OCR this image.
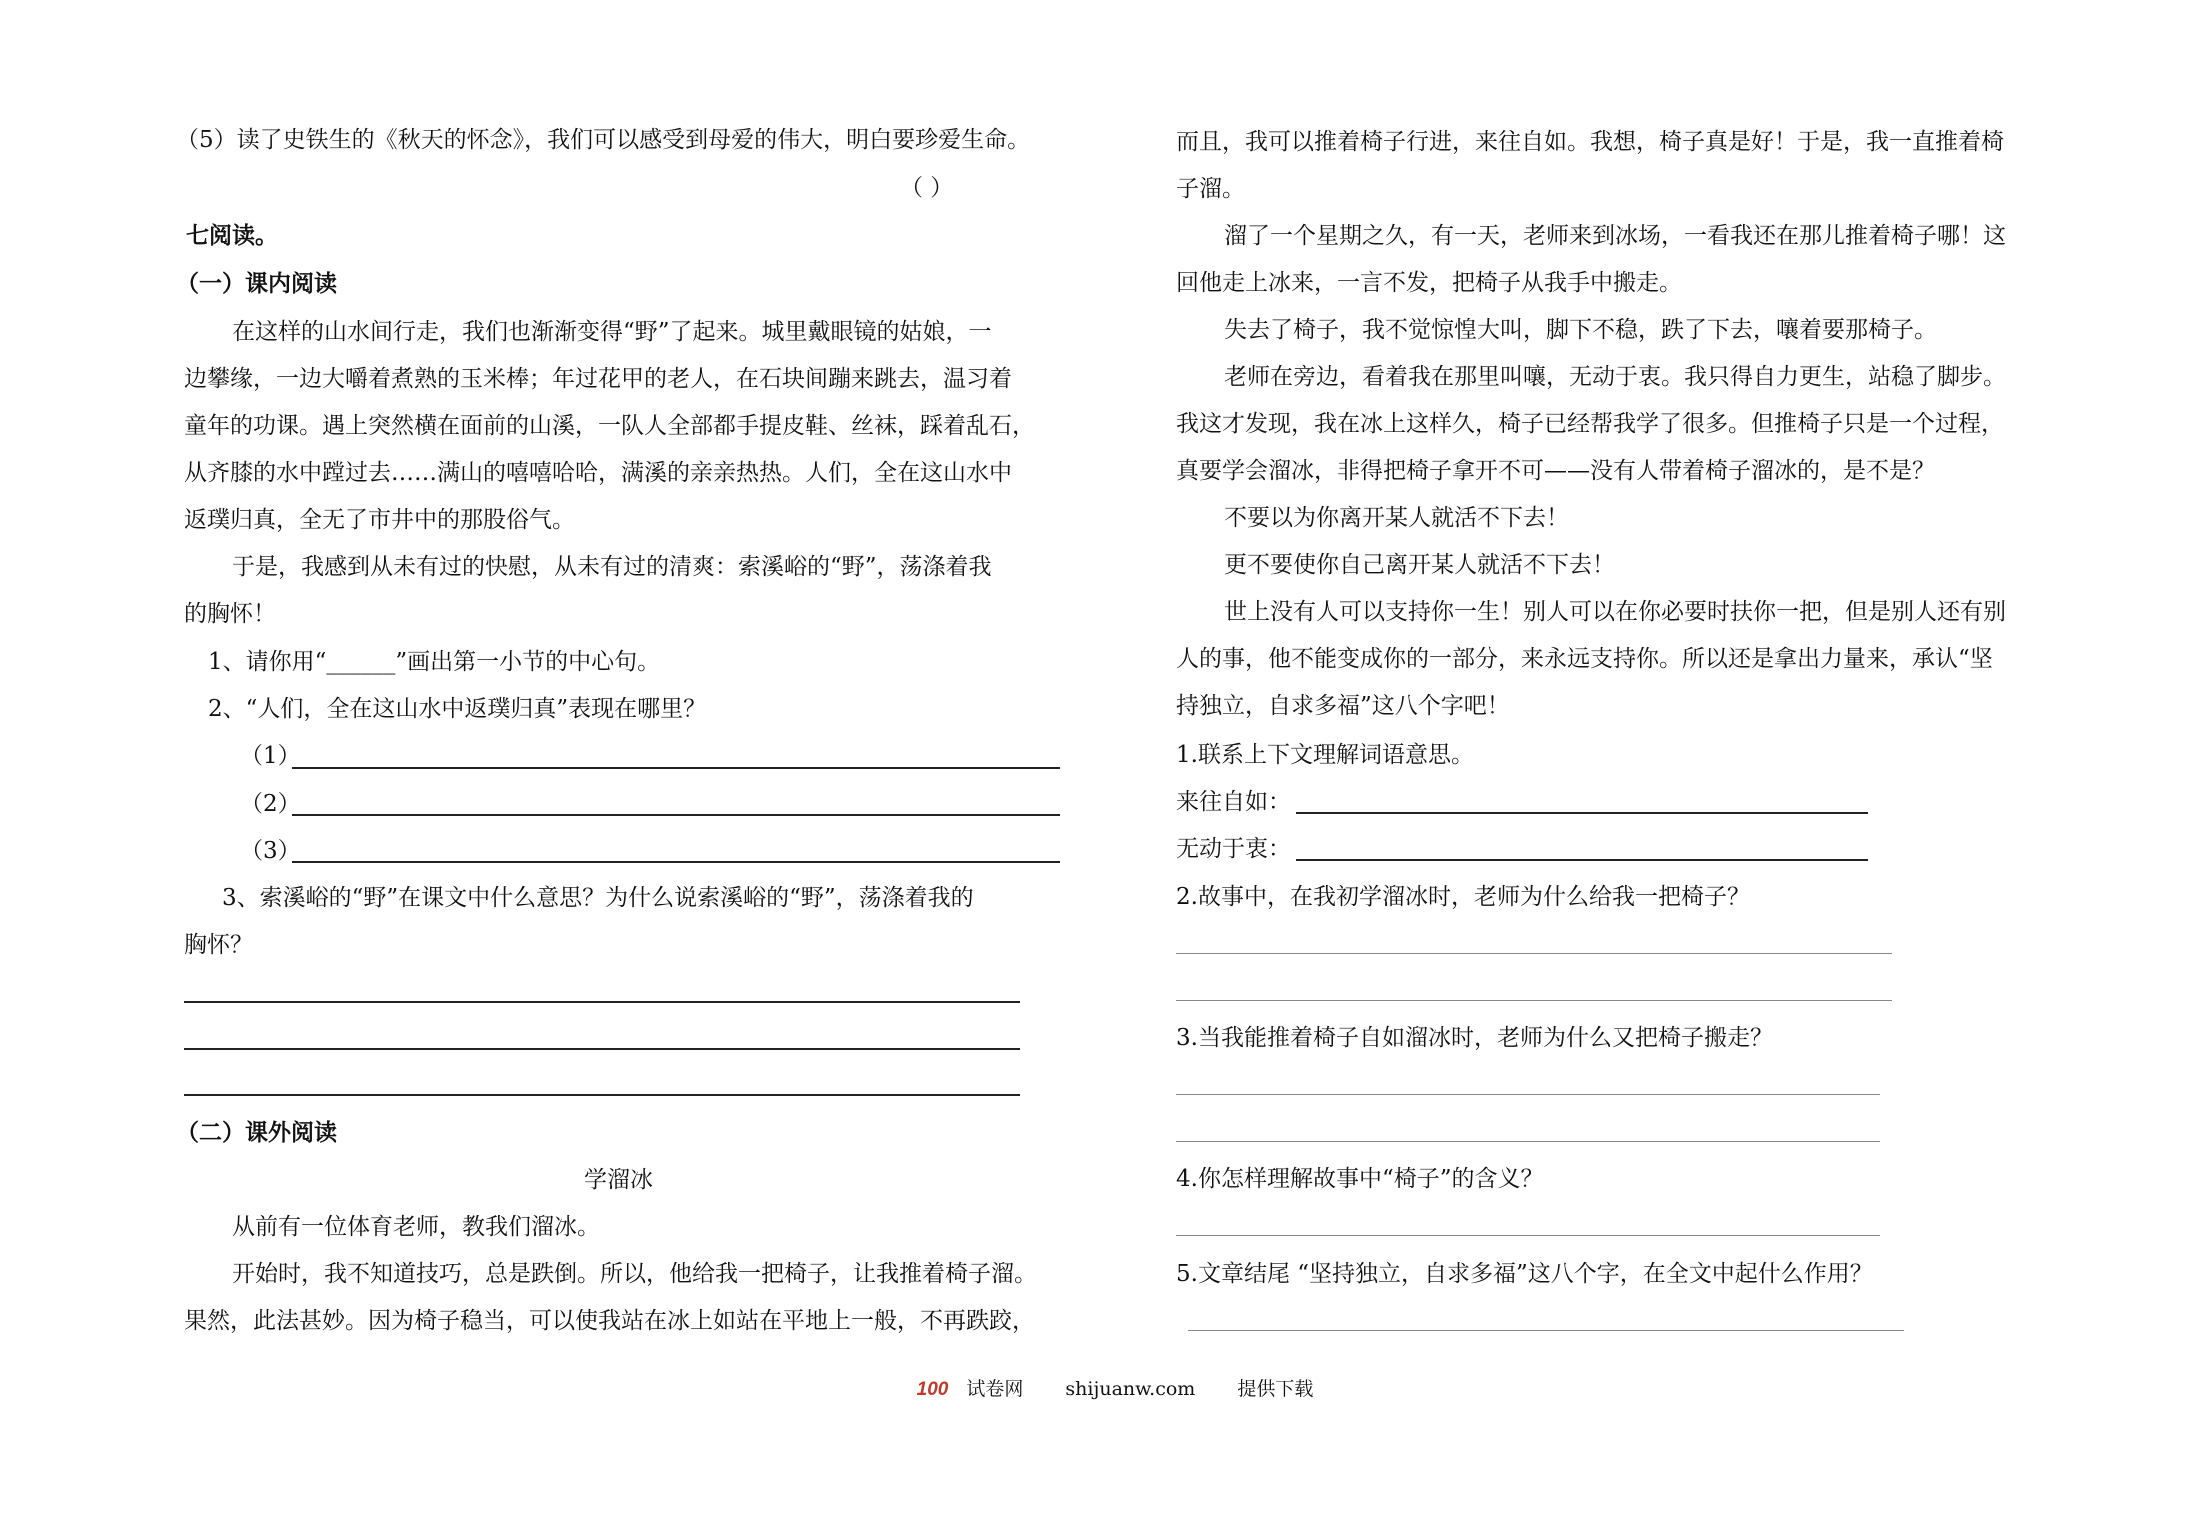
（5）读了史铁生的《秋天的怀念》，我们可以感受到母爱的伟大，明白要珍爱生命。
（ ）
七阅读。
（一）课内阅读
在这样的山水间行走，我们也渐渐变得“野”了起来。城里戴眼镜的姑娘，一
边攀缘，一边大嚼着煮熟的玉米棒；年过花甲的老人，在石块间蹦来跳去，温习着
童年的功课。遇上突然横在面前的山溪，一队人全部都手提皮鞋、丝袜，踩着乱石，
从齐膝的水中蹚过去……满山的嘻嘻哈哈，满溪的亲亲热热。人们，全在这山水中
返璞归真，全无了市井中的那股俗气。
于是，我感到从未有过的快慰，从未有过的清爽：索溪峪的“野”，荡涤着我
的胸怀！
1、请你用“______”画出第一小节的中心句。
2、“人们，全在这山水中返璞归真”表现在哪里？
（1）
（2）
（3）
3、索溪峪的“野”在课文中什么意思？为什么说索溪峪的“野”，荡涤着我的
胸怀？
（二）课外阅读
学溜冰
从前有一位体育老师，教我们溜冰。
开始时，我不知道技巧，总是跌倒。所以，他给我一把椅子，让我推着椅子溜。
果然，此法甚妙。因为椅子稳当，可以使我站在冰上如站在平地上一般，不再跌跤，
而且，我可以推着椅子行进，来往自如。我想，椅子真是好！于是，我一直推着椅
子溜。
溜了一个星期之久，有一天，老师来到冰场，一看我还在那儿推着椅子哪！这
回他走上冰来，一言不发，把椅子从我手中搬走。
失去了椅子，我不觉惊惶大叫，脚下不稳，跌了下去，嚷着要那椅子。
老师在旁边，看着我在那里叫嚷，无动于衷。我只得自力更生，站稳了脚步。
我这才发现，我在冰上这样久，椅子已经帮我学了很多。但推椅子只是一个过程，
真要学会溜冰，非得把椅子拿开不可——没有人带着椅子溜冰的，是不是？
不要以为你离开某人就活不下去！
更不要使你自己离开某人就活不下去！
世上没有人可以支持你一生！别人可以在你必要时扶你一把，但是别人还有别
人的事，他不能变成你的一部分，来永远支持你。所以还是拿出力量来，承认“坚
持独立，自求多福”这八个字吧！
1.联系上下文理解词语意思。
来往自如：
无动于衷：
2.故事中，在我初学溜冰时，老师为什么给我一把椅子？
3.当我能推着椅子自如溜冰时，老师为什么又把椅子搬走？
4.你怎样理解故事中“椅子”的含义？
5.文章结尾 “坚持独立，自求多福”这八个字，在全文中起什么作用？
100 试卷网 shijuanw.com 提供下载
